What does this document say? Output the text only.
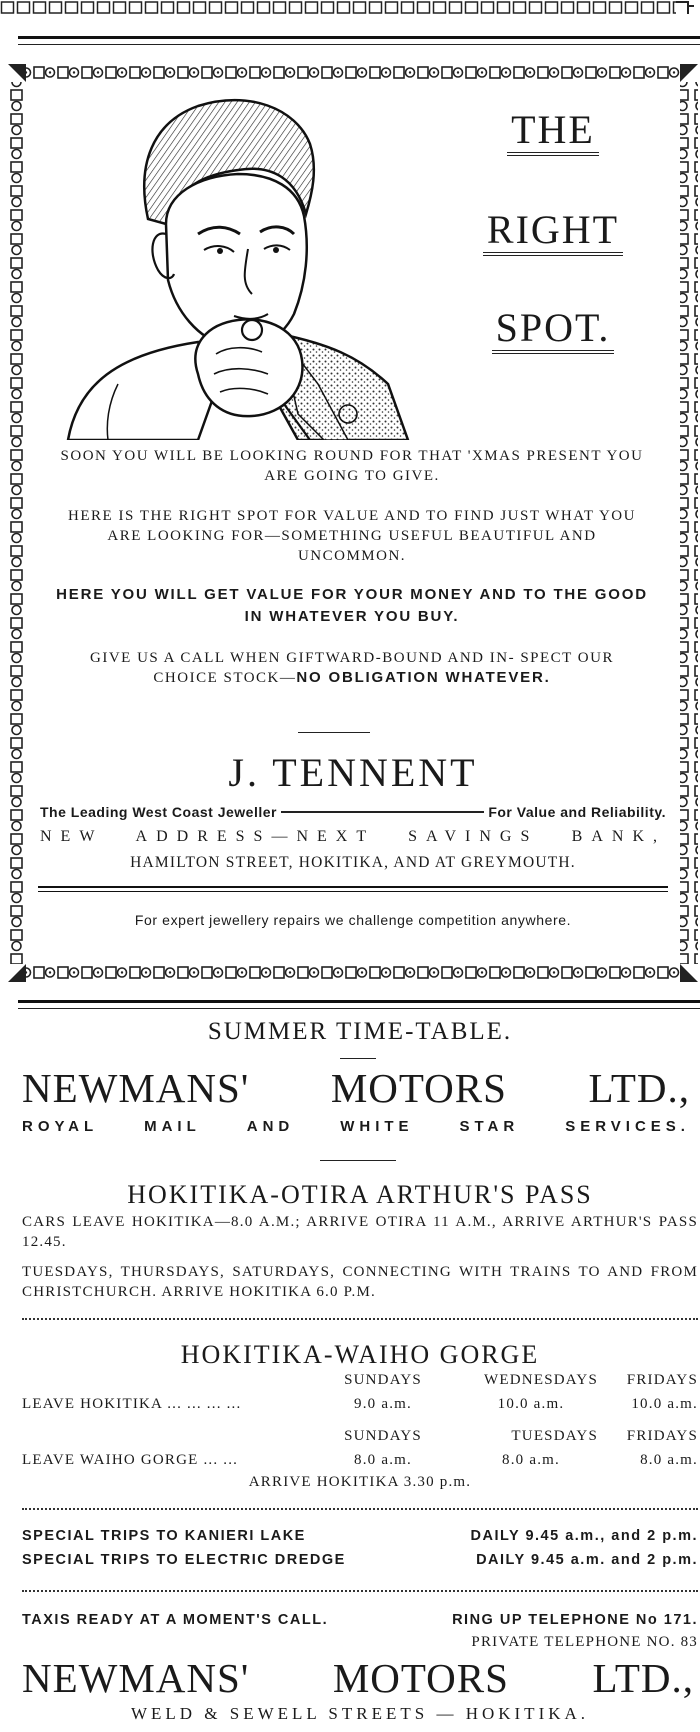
THE
RIGHT
SPOT.
SOON YOU WILL BE LOOKING ROUND FOR THAT 'XMAS PRESENT YOU ARE GOING TO GIVE.
HERE IS THE RIGHT SPOT FOR VALUE AND TO FIND JUST WHAT YOU ARE LOOKING FOR—SOMETHING USEFUL BEAUTIFUL AND UNCOMMON.
HERE YOU WILL GET VALUE FOR YOUR MONEY AND TO THE GOOD IN WHATEVER YOU BUY.
GIVE US A CALL WHEN GIFTWARD-BOUND AND IN- SPECT OUR CHOICE STOCK—NO OBLIGATION WHATEVER.
J. TENNENT
The Leading West Coast Jeweller	For Value and Reliability.
NEW ADDRESS—NEXT SAVINGS BANK,
HAMILTON STREET, HOKITIKA, AND AT GREYMOUTH.
For expert jewellery repairs we challenge competition anywhere.
SUMMER TIME-TABLE.
NEWMANS' MOTORS LTD.,
ROYAL	MAIL	AND	WHITE	STAR	SERVICES.
HOKITIKA-OTIRA ARTHUR'S PASS
CARS LEAVE HOKITIKA—8.0 A.M.; ARRIVE OTIRA 11 A.M., ARRIVE ARTHUR'S PASS 12.45.
TUESDAYS, THURSDAYS, SATURDAYS, CONNECTING WITH TRAINS TO AND FROM CHRISTCHURCH. ARRIVE HOKITIKA 6.0 P.M.
HOKITIKA-WAIHO GORGE
SUNDAYS	WEDNESDAYS	FRIDAYS
LEAVE HOKITIKA ... ... ... ...	9.0 a.m.	10.0 a.m.	10.0 a.m.
SUNDAYS	TUESDAYS	FRIDAYS
LEAVE WAIHO GORGE ... ...	8.0 a.m.	8.0 a.m.	8.0 a.m.
ARRIVE HOKITIKA 3.30 p.m.
SPECIAL TRIPS TO KANIERI LAKE	DAILY 9.45 a.m., and 2 p.m.
SPECIAL TRIPS TO ELECTRIC DREDGE	DAILY 9.45 a.m. and 2 p.m.
TAXIS READY AT A MOMENT'S CALL.	RING UP TELEPHONE No 171.
PRIVATE TELEPHONE NO. 83
NEWMANS' MOTORS LTD.,
WELD & SEWELL STREETS — HOKITIKA.
